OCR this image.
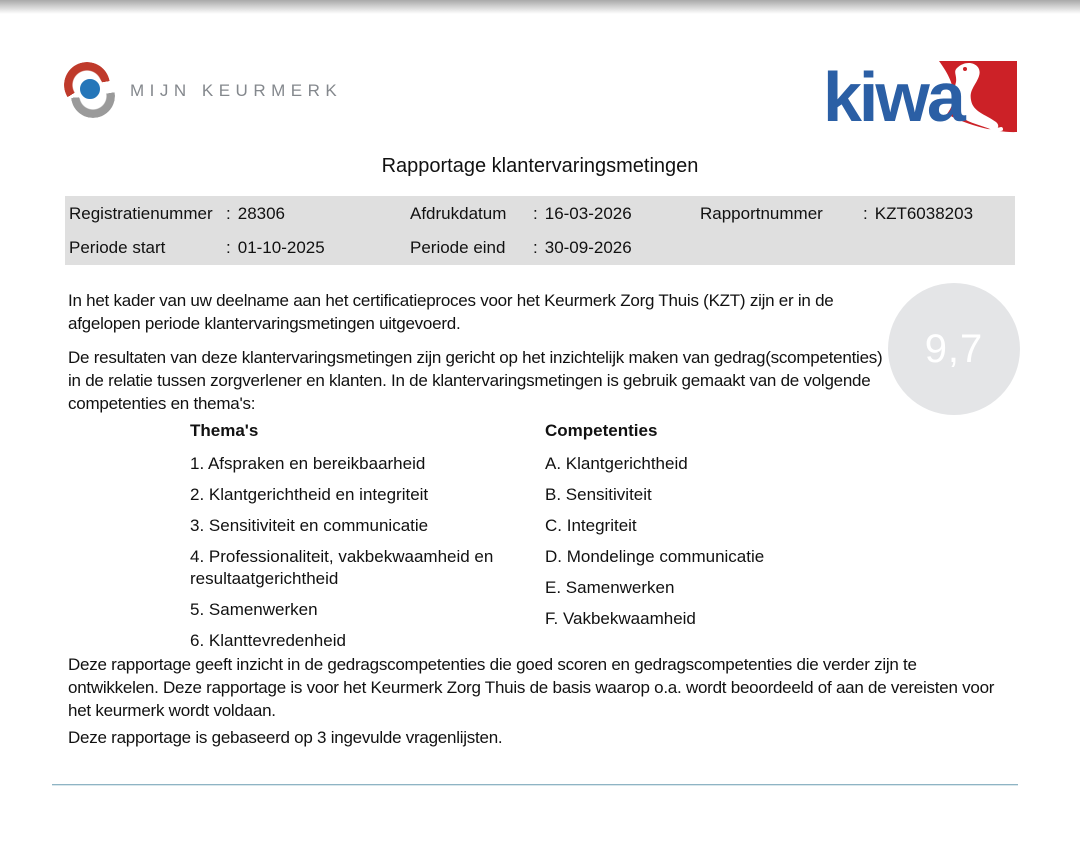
MIJN KEURMERK	kiwa
Rapportage klantervaringsmetingen
Registratienummer : 28306	Afdrukdatum	: 16-03-2026	Rapportnummer	: KZT6038203
Periode start	: 01-10-2025	Periode eind	: 30-09-2026

In het kader van uw deelname aan het certificatieproces voor het Keurmerk Zorg Thuis (KZT) zijn er in de afgelopen periode klantervaringsmetingen uitgevoerd.

De resultaten van deze klantervaringsmetingen zijn gericht op het inzichtelijk maken van gedrag(scompetenties) in de relatie tussen zorgverlener en klanten. In de klantervaringsmetingen is gebruik gemaakt van de volgende competenties en thema's:

9,7
Thema's
1. Afspraken en bereikbaarheid
2. Klantgerichtheid en integriteit
3. Sensitiviteit en communicatie
4. Professionaliteit, vakbekwaamheid en resultaatgerichtheid
5. Samenwerken
6. Klanttevredenheid
Competenties
A. Klantgerichtheid
B. Sensitiviteit
C. Integriteit
D. Mondelinge communicatie
E. Samenwerken
F. Vakbekwaamheid

Deze rapportage geeft inzicht in de gedragscompetenties die goed scoren en gedragscompetenties die verder zijn te ontwikkelen. Deze rapportage is voor het Keurmerk Zorg Thuis de basis waarop o.a. wordt beoordeeld of aan de vereisten voor het keurmerk wordt voldaan.

Deze rapportage is gebaseerd op 3 ingevulde vragenlijsten.
